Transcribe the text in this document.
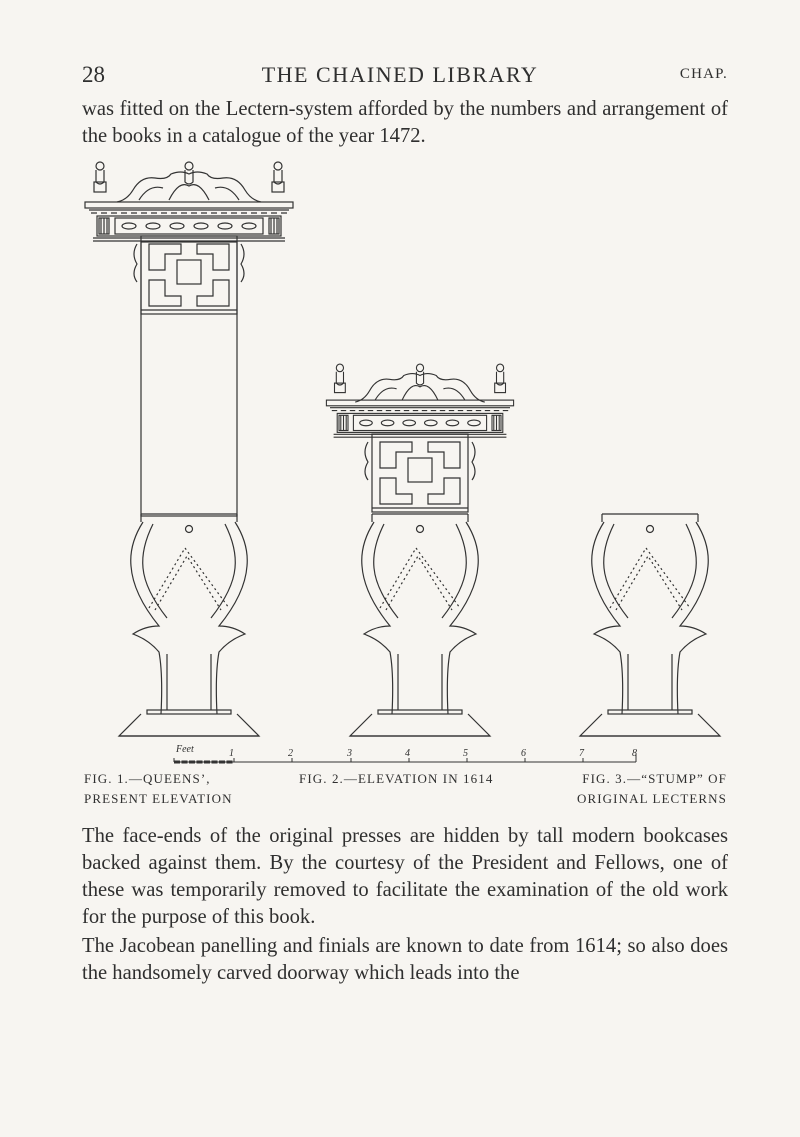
28	THE CHAINED LIBRARY	CHAP.

was fitted on the Lectern-system afforded by the numbers and arrangement of the books in a catalogue of the year 1472.

Feet	1	2	3	4	5	6	7	8
FIG. 1.—QUEENS’,
PRESENT ELEVATION
FIG. 2.—ELEVATION IN 1614	FIG. 3.—“STUMP” OF
ORIGINAL LECTERNS

The face-ends of the original presses are hidden by tall modern bookcases backed against them. By the courtesy of the President and Fellows, one of these was temporarily removed to facilitate the examination of the old work for the purpose of this book.

The Jacobean panelling and finials are known to date from 1614; so also does the handsomely carved doorway which leads into the
